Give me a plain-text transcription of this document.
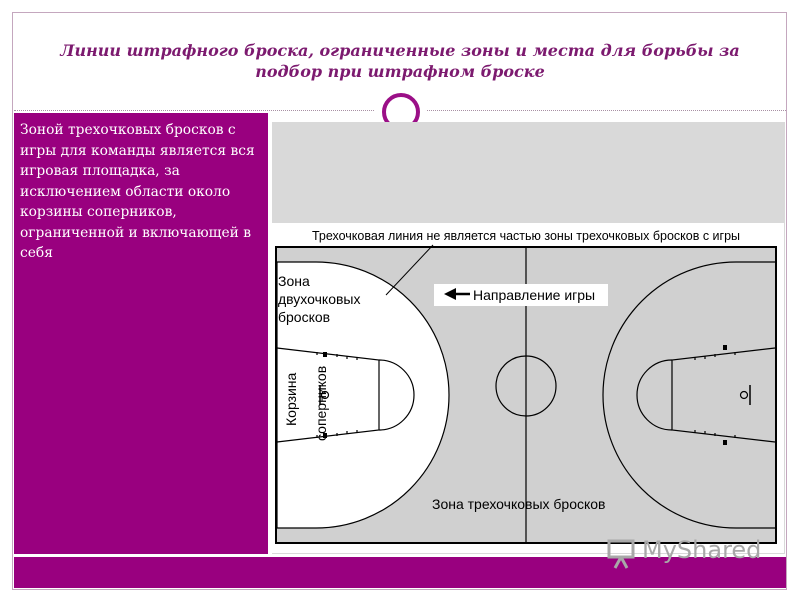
Линии штрафного броска, ограниченные зоны и места для борьбы за подбор при штрафном броске
Зоной трехочковых бросков с игры для команды является вся игровая площадка, за исключением области около корзины соперников, ограниченной и включающей в себя
Трехочковая линия не является частью зоны трехочковых бросков с игры
Зона двухочковых бросков
Направление игры
Корзина соперников
Зона трехочковых бросков
MyShared
